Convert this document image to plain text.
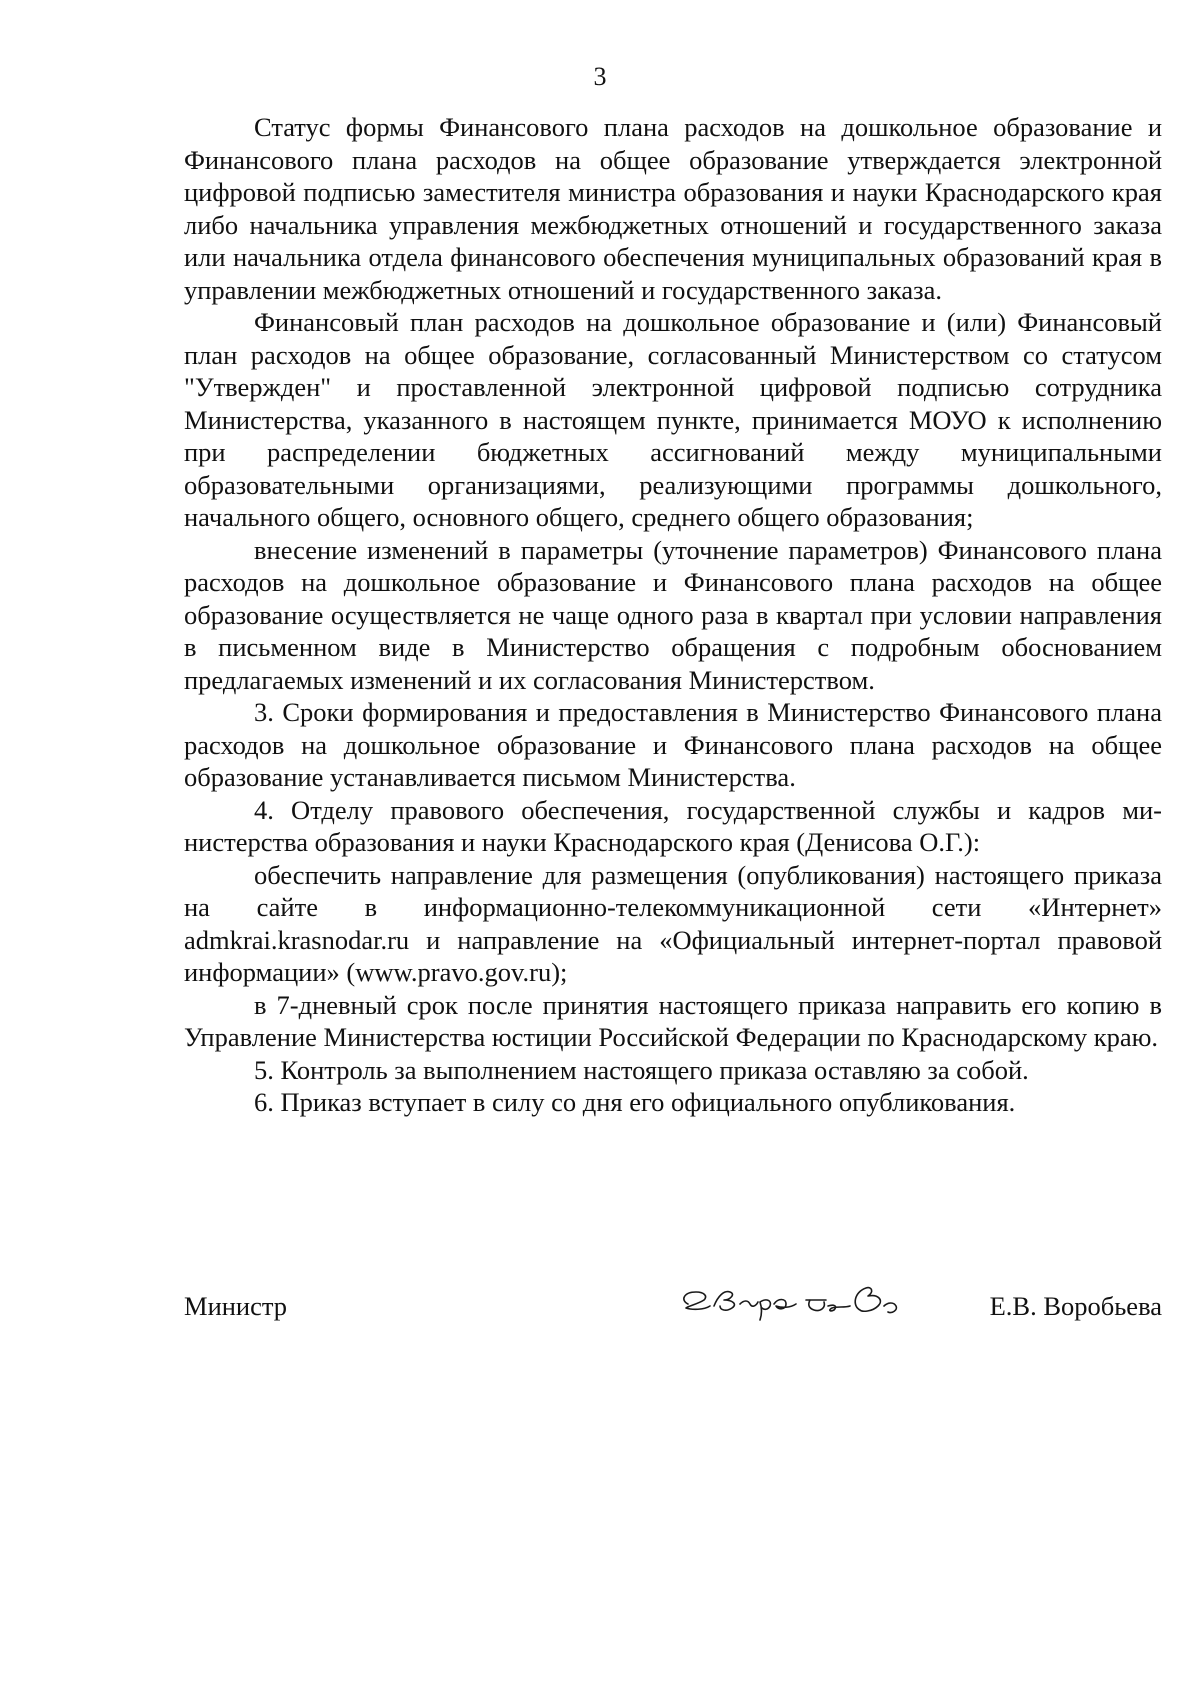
3

Статус формы Финансового плана расходов на дошкольное образование и Финансового плана расходов на общее образование утверждается электронной цифровой подписью заместителя министра образования и науки Краснодарского края либо начальника управления межбюджетных отношений и государственного заказа или начальника отдела финансового обеспечения муниципальных образований края в управлении межбюджетных отношений и государственного заказа.

Финансовый план расходов на дошкольное образование и (или) Финансовый план расходов на общее образование, согласованный Министерством со статусом "Утвержден" и проставленной электронной цифровой подписью сотрудника Министерства, указанного в настоящем пункте, принимается МОУО к исполнению при распределении бюджетных ассигнований между муниципальными образовательными организациями, реализующими программы дошкольного, начального общего, основного общего, среднего общего образования;

внесение изменений в параметры (уточнение параметров) Финансового плана расходов на дошкольное образование и Финансового плана расходов на общее образование осуществляется не чаще одного раза в квартал при условии направления в письменном виде в Министерство обращения с подробным обоснованием предлагаемых изменений и их согласования Министерством.

3. Сроки формирования и предоставления в Министерство Финансового плана расходов на дошкольное образование и Финансового плана расходов на общее образование устанавливается письмом Министерства.

4. Отделу правового обеспечения, государственной службы и кадров министерства образования и науки Краснодарского края (Денисова О.Г.):

обеспечить направление для размещения (опубликования) настоящего приказа на сайте в информационно-телекоммуникационной сети «Интернет» admkrai.krasnodar.ru и направление на «Официальный интернет-портал правовой информации» (www.pravo.gov.ru);

в 7-дневный срок после принятия настоящего приказа направить его копию в Управление Министерства юстиции Российской Федерации по Краснодарскому краю.

5. Контроль за выполнением настоящего приказа оставляю за собой.

6. Приказ вступает в силу со дня его официального опубликования.

Министр	Е.В. Воробьева
